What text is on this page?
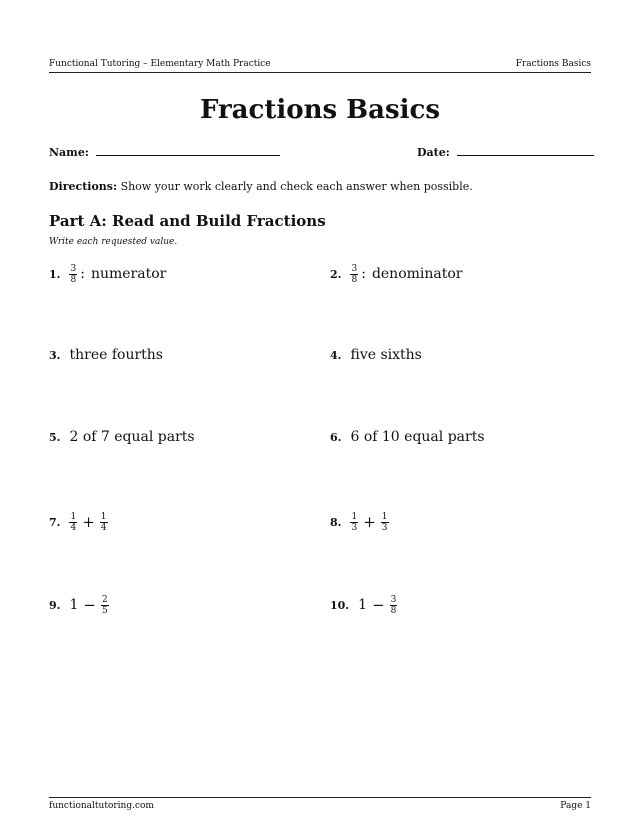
Functional Tutoring – Elementary Math Practice	Fractions Basics
Fractions Basics
Name:	Date:
Directions: Show your work clearly and check each answer when possible.
Part A: Read and Build Fractions
Write each requested value.
1. $\frac{3}{8}$ : numerator	2. $\frac{3}{8}$ : denominator
3. three fourths	4. five sixths
5. 2 of 7 equal parts	6. 6 of 10 equal parts
7. $\frac{1}{4} + \frac{1}{4}$	8. $\frac{1}{3} + \frac{1}{3}$
9. $1 - \frac{2}{5}$	10. $1 - \frac{3}{8}$
functionaltutoring.com	Page 1
